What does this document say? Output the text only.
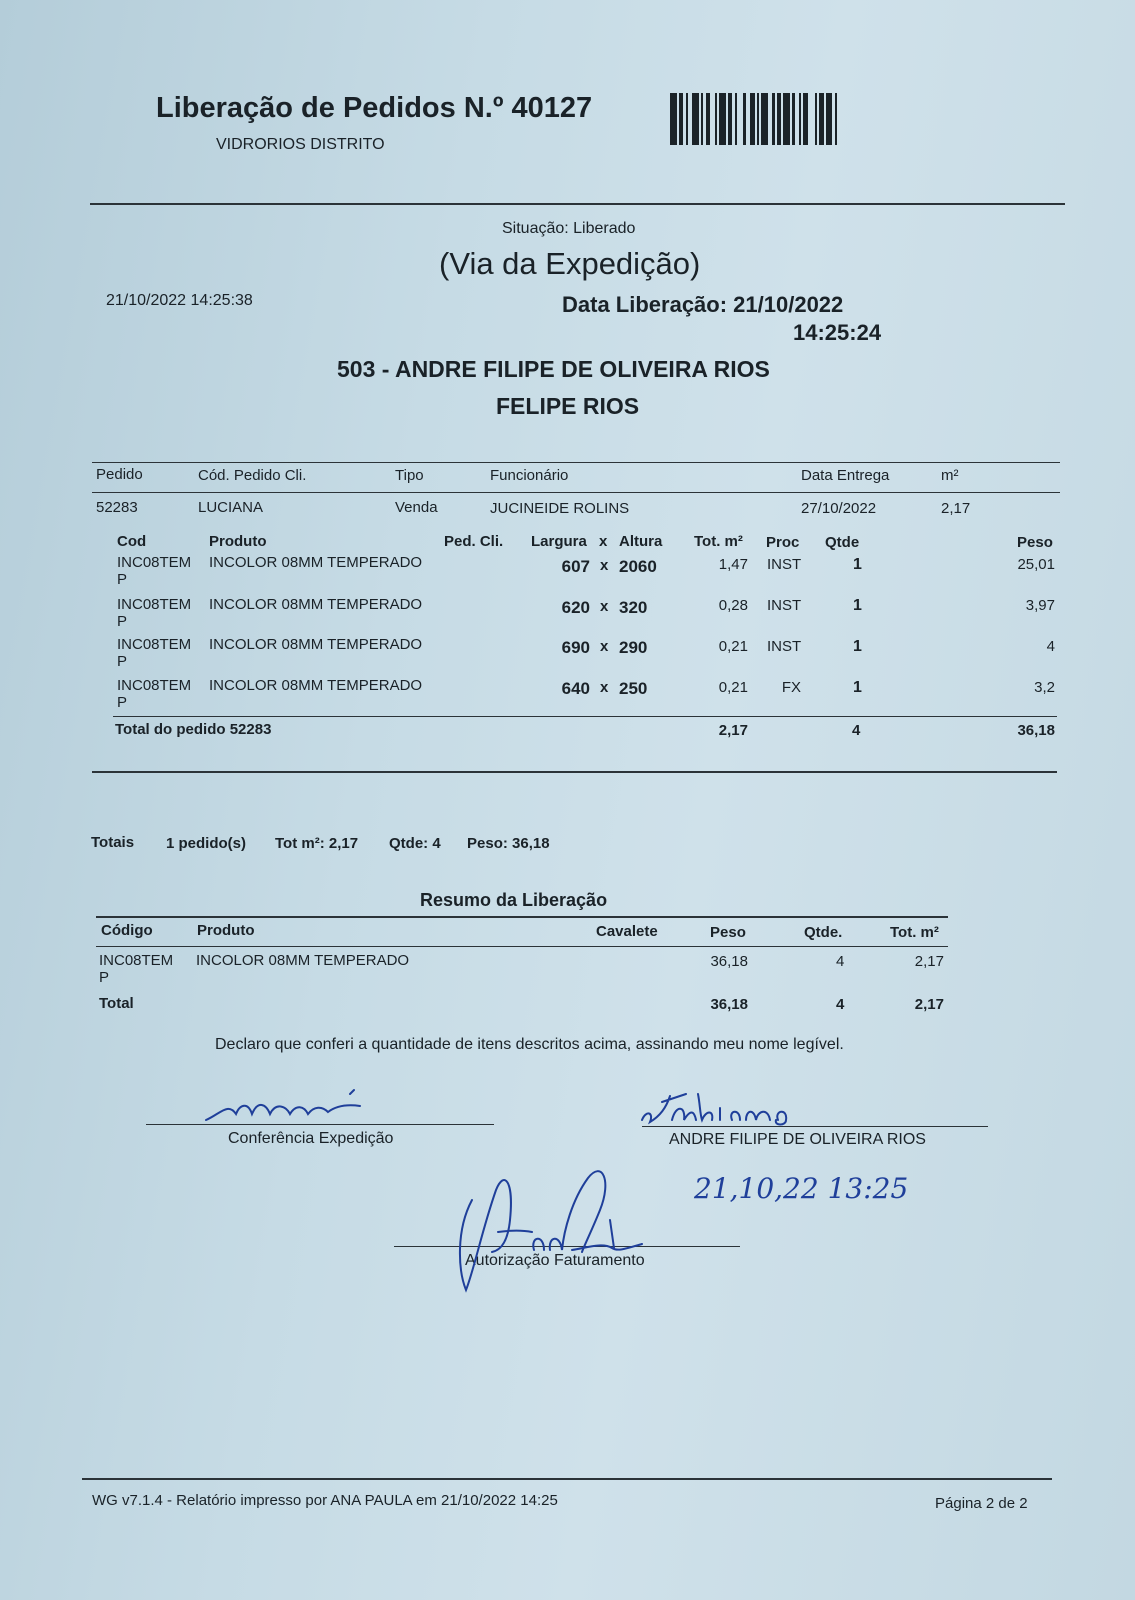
Liberação de Pedidos N.º 40127
VIDRORIOS DISTRITO
Situação: Liberado
(Via da Expedição)
21/10/2022 14:25:38	Data Liberação: 21/10/2022
14:25:24
503 - ANDRE FILIPE DE OLIVEIRA RIOS
FELIPE RIOS
Pedido	Cód. Pedido Cli.	Tipo	Funcionário	Data Entrega	m²
52283	LUCIANA	Venda	JUCINEIDE ROLINS	27/10/2022	2,17
Cod	Produto	Ped. Cli. Largura x Altura Tot. m² Proc Qtde	Peso
INC08TEM
P
INCOLOR 08MM TEMPERADO	607 x 2060	1,47 INST	1	25,01
INC08TEM
P
INCOLOR 08MM TEMPERADO	620 x 320	0,28 INST	1	3,97
INC08TEM
P
INCOLOR 08MM TEMPERADO	690 x 290	0,21 INST	1	4
INC08TEM
P
INCOLOR 08MM TEMPERADO	640 x 250	0,21	FX	1	3,2
Total do pedido 52283	2,17	4	36,18
Totais 1 pedido(s) Tot m²: 2,17 Qtde: 4 Peso: 36,18
Resumo da Liberação
Código	Produto	Cavalete	Peso	Qtde.	Tot. m²
INC08TEM
P
INCOLOR 08MM TEMPERADO	36,18	4	2,17
Total	36,18	4	2,17
Declaro que conferi a quantidade de itens descritos acima, assinando meu nome legível.
Conferência Expedição	ANDRE FILIPE DE OLIVEIRA RIOS
Autorização Faturamento
21,10,22 13:25
WG v7.1.4 - Relatório impresso por ANA PAULA em 21/10/2022 14:25	Página 2 de 2
